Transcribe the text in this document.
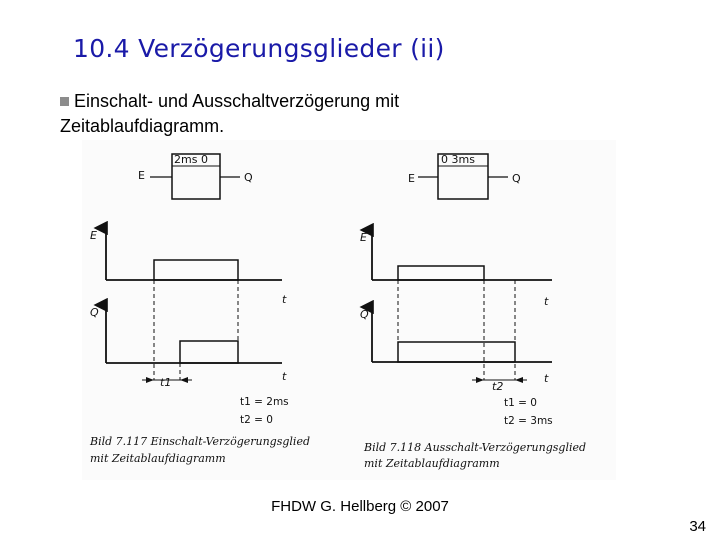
10.4 Verzögerungsglieder (ii)
Einschalt- und Ausschaltverzögerung mit
Zeitablaufdiagramm.
2ms 0
E	Q
E
t
Q
t
t1
t1 = 2ms
t2 = 0
Bild 7.117 Einschalt-Verzögerungsglied
mit Zeitablaufdiagramm
0 3ms
E	Q
E
t
Q
t
t2
t1 = 0
t2 = 3ms
Bild 7.118 Ausschalt-Verzögerungsglied
mit Zeitablaufdiagramm
FHDW G. Hellberg © 2007
34
